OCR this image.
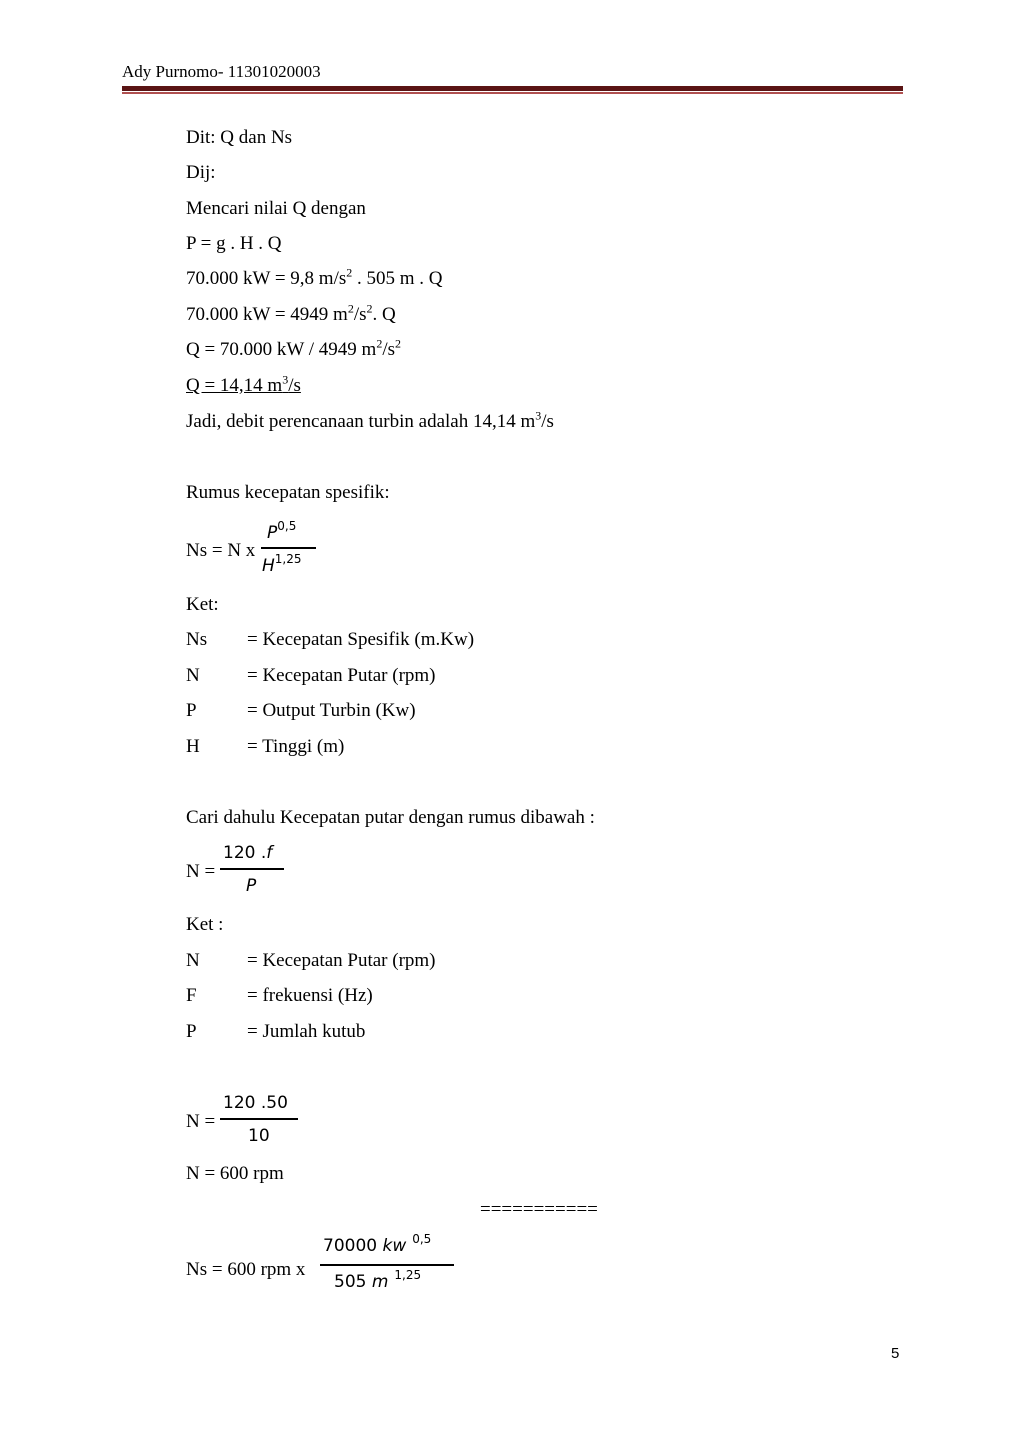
Ady Purnomo- 11301020003
Dit: Q dan Ns
Dij:
Mencari nilai Q dengan
P = g . H . Q
70.000 kW = 9,8 $m/s^2$ . 505 m . Q
70.000 kW = 4949 $m^2/s^2$. Q
Q = 70.000 kW / 4949 $m^2/s^2$
Q = 14,14 $m^3/s$
Jadi, debit perencanaan turbin adalah 14,14 $m^3/s$
Rumus kecepatan spesifik:
Ns = N x
P$^{0,5}$
H$^{1,25}$
Ket:
Ns = Kecepatan Spesifik (m.Kw)
N = Kecepatan Putar (rpm)
P	= Output Turbin (Kw)
H = Tinggi (m)
Cari dahulu Kecepatan putar dengan rumus dibawah :
N =
120 .f
P
Ket :
N = Kecepatan Putar (rpm)
F	= frekuensi (Hz)
P	= Jumlah kutub
N =
120 .50
10
N = 600 rpm
===========
Ns = 600 rpm x
70000 kw $^{0,5}$
505 m $^{1,25}$
5
